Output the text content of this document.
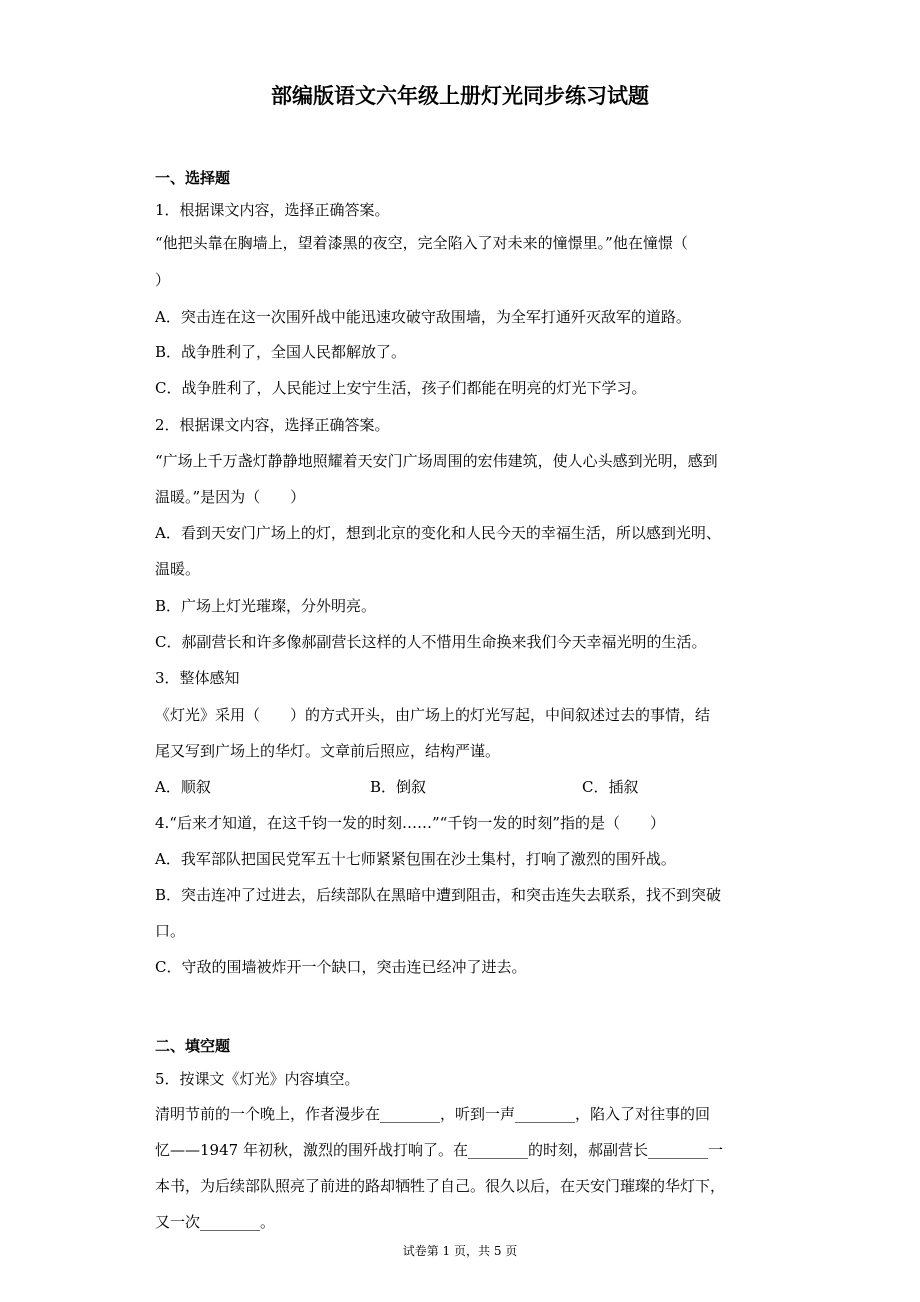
部编版语文六年级上册灯光同步练习试题
一、选择题
1．根据课文内容，选择正确答案。
“他把头靠在胸墙上，望着漆黑的夜空，完全陷入了对未来的憧憬里。”他在憧憬（
）
A．突击连在这一次围歼战中能迅速攻破守敌围墙，为全军打通歼灭敌军的道路。
B．战争胜利了，全国人民都解放了。
C．战争胜利了，人民能过上安宁生活，孩子们都能在明亮的灯光下学习。
2．根据课文内容，选择正确答案。
“广场上千万盏灯静静地照耀着天安门广场周围的宏伟建筑，使人心头感到光明，感到
温暖。”是因为（　　）
A．看到天安门广场上的灯，想到北京的变化和人民今天的幸福生活，所以感到光明、
温暖。
B．广场上灯光璀璨，分外明亮。
C．郝副营长和许多像郝副营长这样的人不惜用生命换来我们今天幸福光明的生活。
3．整体感知
《灯光》采用（　　）的方式开头，由广场上的灯光写起，中间叙述过去的事情，结
尾又写到广场上的华灯。文章前后照应，结构严谨。
A．顺叙	B．倒叙	C．插叙
4.“后来才知道，在这千钧一发的时刻……”“千钧一发的时刻”指的是（　　）
A．我军部队把国民党军五十七师紧紧包围在沙土集村，打响了激烈的围歼战。
B．突击连冲了过进去，后续部队在黑暗中遭到阻击，和突击连失去联系，找不到突破
口。
C．守敌的围墙被炸开一个缺口，突击连已经冲了进去。
二、填空题
5．按课文《灯光》内容填空。
清明节前的一个晚上，作者漫步在________，听到一声________，陷入了对往事的回
忆——1947 年初秋，激烈的围歼战打响了。在________的时刻，郝副营长________一
本书，为后续部队照亮了前进的路却牺牲了自己。很久以后，在天安门璀璨的华灯下，
又一次________。
试卷第 1 页，共 5 页
